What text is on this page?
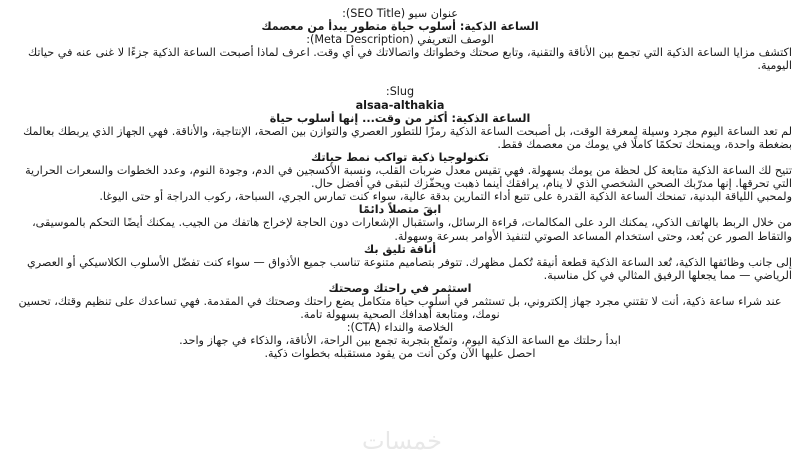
عنوان سيو (SEO Title):

الساعة الذكية: أسلوب حياة متطور يبدأ من معصمك

الوصف التعريفي (Meta Description):

اكتشف مزايا الساعة الذكية التي تجمع بين الأناقة والتقنية، وتابع صحتك وخطواتك واتصالاتك في أي وقت. اعرف لماذا أصبحت الساعة الذكية جزءًا لا غنى عنه في حياتك اليومية.

Slug:

alsaa-althakia

الساعة الذكية: أكثر من وقت... إنها أسلوب حياة

لم تعد الساعة اليوم مجرد وسيلة لمعرفة الوقت، بل أصبحت الساعة الذكية رمزًا للتطور العصري والتوازن بين الصحة، الإنتاجية، والأناقة. فهي الجهاز الذي يربطك بعالمك بضغطة واحدة، ويمنحك تحكمًا كاملًا في يومك من معصمك فقط.

تكنولوجيا ذكية تواكب نمط حياتك

تتيح لك الساعة الذكية متابعة كل لحظة من يومك بسهولة. فهي تقيس معدل ضربات القلب، ونسبة الأكسجين في الدم، وجودة النوم، وعدد الخطوات والسعرات الحرارية التي تحرقها. إنها مدرّبك الصحي الشخصي الذي لا ينام، يرافقك أينما ذهبت ويحفّزك لتبقى في أفضل حال.

ولمحبي اللياقة البدنية، تمنحك الساعة الذكية القدرة على تتبع أداء التمارين بدقة عالية، سواء كنت تمارس الجري، السباحة، ركوب الدراجة أو حتى اليوغا.

ابقَ متصلاً دائمًا

من خلال الربط بالهاتف الذكي، يمكنك الرد على المكالمات، قراءة الرسائل، واستقبال الإشعارات دون الحاجة لإخراج هاتفك من الجيب. يمكنك أيضًا التحكم بالموسيقى، والتقاط الصور عن بُعد، وحتى استخدام المساعد الصوتي لتنفيذ الأوامر بسرعة وسهولة.

أناقة تليق بك

إلى جانب وظائفها الذكية، تُعد الساعة الذكية قطعة أنيقة تُكمل مظهرك. تتوفر بتصاميم متنوعة تناسب جميع الأذواق — سواء كنت تفضّل الأسلوب الكلاسيكي أو العصري الرياضي — مما يجعلها الرفيق المثالي في كل مناسبة.

استثمر في راحتك وصحتك

عند شراء ساعة ذكية، أنت لا تقتني مجرد جهاز إلكتروني، بل تستثمر في أسلوب حياة متكامل يضع راحتك وصحتك في المقدمة. فهي تساعدك على تنظيم وقتك، تحسين نومك، ومتابعة أهدافك الصحية بسهولة تامة.

الخلاصة والنداء (CTA):

ابدأ رحلتك مع الساعة الذكية اليوم، وتمتّع بتجربة تجمع بين الراحة، الأناقة، والذكاء في جهاز واحد.

احصل عليها الآن وكن أنت من يقود مستقبله بخطوات ذكية.

خمسات
